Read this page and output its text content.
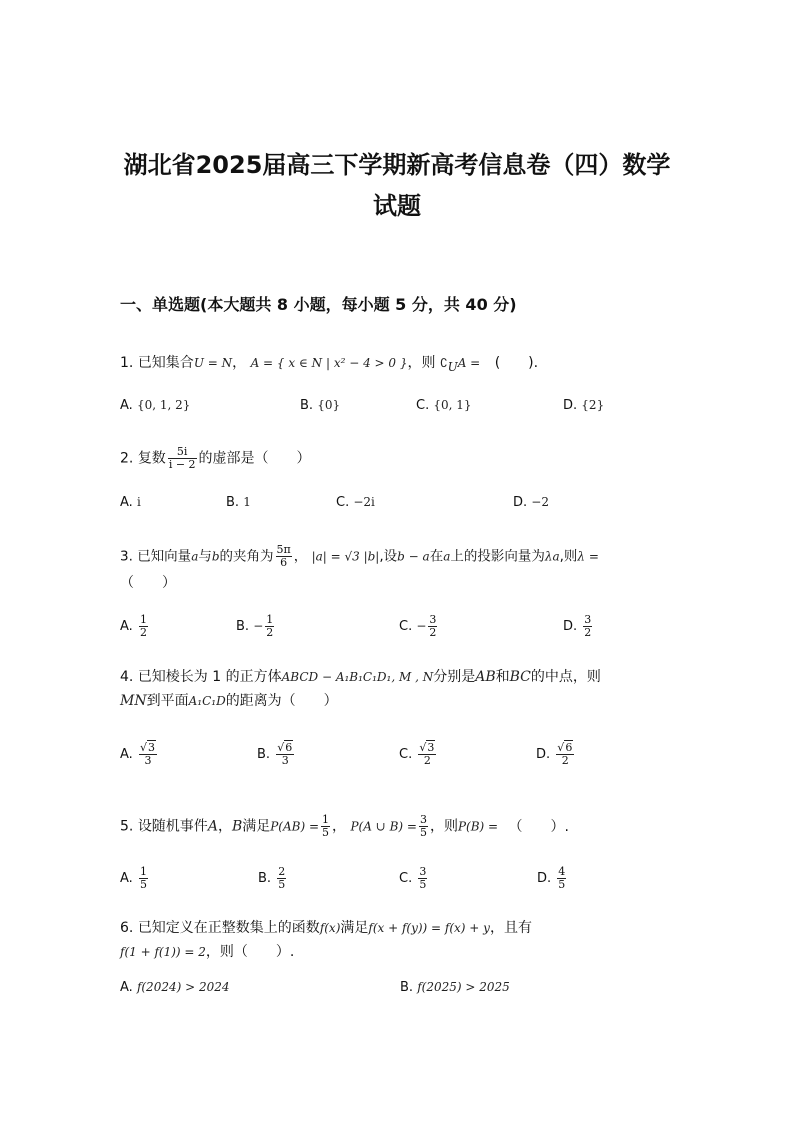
湖北省2025届高三下学期新高考信息卷（四）数学
试题
一、单选题(本大题共 8 小题，每小题 5 分，共 40 分)
1. 已知集合U = N， A = { x ∈ N | x² − 4 > 0 }，则 $∁_UA$ = (　　).
A. {0, 1, 2}	B. {0}	C. {0, 1}	D. {2}
2. 复数 $\frac{5i}{i - 2}$ 的虚部是（　　）
A. i	B. 1	C. −2i	D. −2
3. 已知向量a与b的夹角为 $\frac{5\pi}{6}$ ， |a| = √3 |b|,设b − a在a上的投影向量为λa,则λ =
（　　）
A. $\frac{1}{2}$	B. − $\frac{1}{2}$	C. − $\frac{3}{2}$	D. $\frac{3}{2}$
4. 已知棱长为 1 的正方体ABCD − A₁B₁C₁D₁, M , N分别是AB和BC的中点，则
MN到平面A₁C₁D的距离为（　　）
A. $\frac{√3}{3}$	B. $\frac{√6}{3}$	C. $\frac{√3}{2}$	D. $\frac{√6}{2}$
5. 设随机事件A，B满足$P(AB) = \frac{1}{5}$ ， P(A ∪ $B) = \frac{3}{5}$ ，则P(B) = （　　）.
A. $\frac{1}{5}$	B. $\frac{2}{5}$	C. $\frac{3}{5}$	D. $\frac{4}{5}$
6. 已知定义在正整数集上的函数f(x)满足f(x + f(y)) = f(x) + y，且有
f(1 + f(1)) = 2，则（　　）.
A. f(2024) > 2024	B. f(2025) > 2025
